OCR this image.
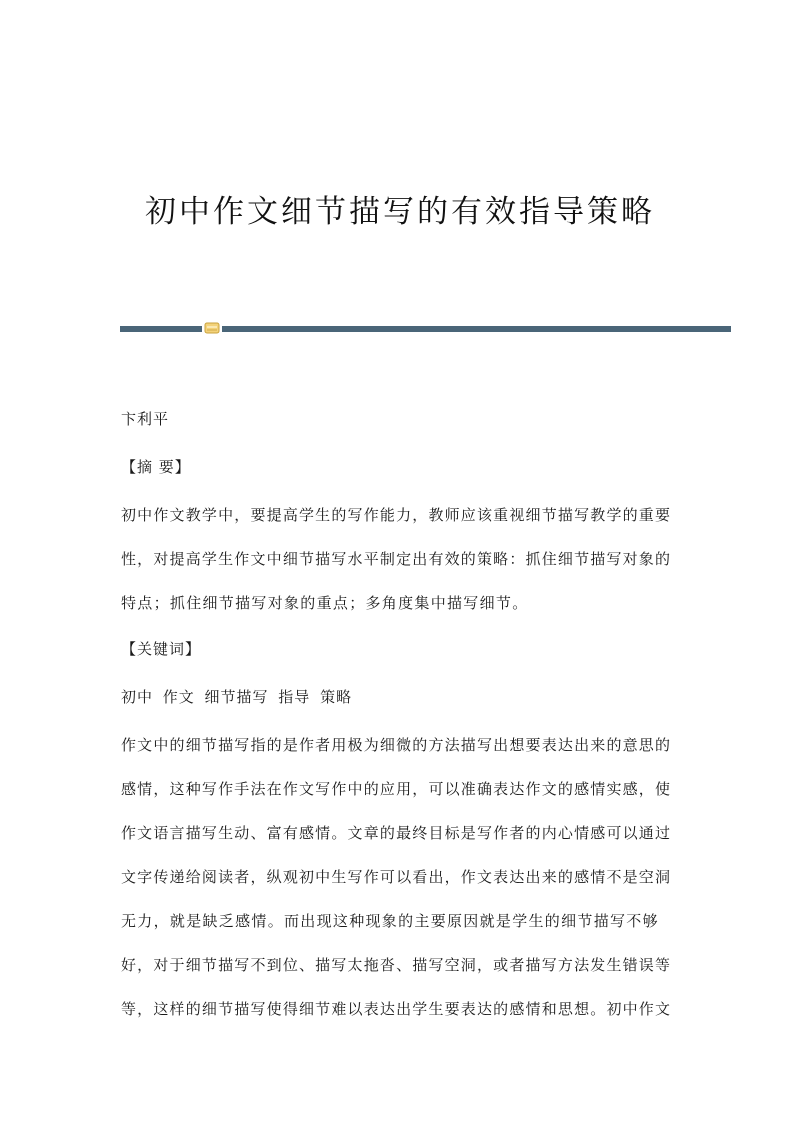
初中作文细节描写的有效指导策略
卞利平
【摘 要】
初中作文教学中，要提高学生的写作能力，教师应该重视细节描写教学的重要
性，对提高学生作文中细节描写水平制定出有效的策略：抓住细节描写对象的
特点；抓住细节描写对象的重点；多角度集中描写细节。
【关键词】
初中 作文 细节描写 指导 策略
作文中的细节描写指的是作者用极为细微的方法描写出想要表达出来的意思的
感情，这种写作手法在作文写作中的应用，可以准确表达作文的感情实感，使
作文语言描写生动、富有感情。文章的最终目标是写作者的内心情感可以通过
文字传递给阅读者，纵观初中生写作可以看出，作文表达出来的感情不是空洞
无力，就是缺乏感情。而出现这种现象的主要原因就是学生的细节描写不够
好，对于细节描写不到位、描写太拖沓、描写空洞，或者描写方法发生错误等
等，这样的细节描写使得细节难以表达出学生要表达的感情和思想。初中作文
